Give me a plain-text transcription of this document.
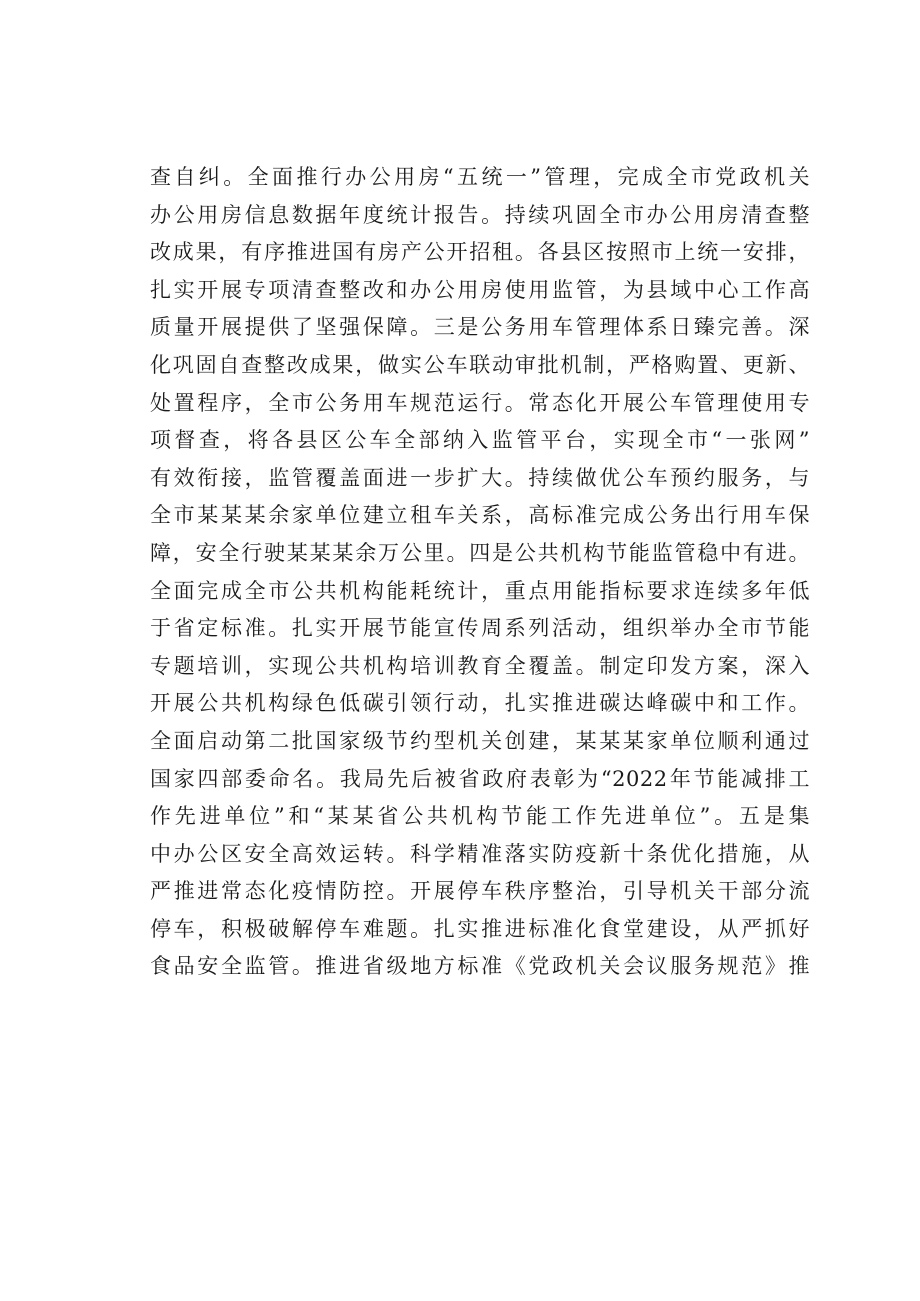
查自纠。全面推行办公用房“五统一”管理，完成全市党政机关
办公用房信息数据年度统计报告。持续巩固全市办公用房清查整
改成果，有序推进国有房产公开招租。各县区按照市上统一安排，
扎实开展专项清查整改和办公用房使用监管，为县域中心工作高
质量开展提供了坚强保障。三是公务用车管理体系日臻完善。深
化巩固自查整改成果，做实公车联动审批机制，严格购置、更新、
处置程序，全市公务用车规范运行。常态化开展公车管理使用专
项督查，将各县区公车全部纳入监管平台，实现全市“一张网”
有效衔接，监管覆盖面进一步扩大。持续做优公车预约服务，与
全市某某某余家单位建立租车关系，高标准完成公务出行用车保
障，安全行驶某某某余万公里。四是公共机构节能监管稳中有进。
全面完成全市公共机构能耗统计，重点用能指标要求连续多年低
于省定标准。扎实开展节能宣传周系列活动，组织举办全市节能
专题培训，实现公共机构培训教育全覆盖。制定印发方案，深入
开展公共机构绿色低碳引领行动，扎实推进碳达峰碳中和工作。
全面启动第二批国家级节约型机关创建，某某某家单位顺利通过
国家四部委命名。我局先后被省政府表彰为“2022年节能减排工
作先进单位”和“某某省公共机构节能工作先进单位”。五是集
中办公区安全高效运转。科学精准落实防疫新十条优化措施，从
严推进常态化疫情防控。开展停车秩序整治，引导机关干部分流
停车，积极破解停车难题。扎实推进标准化食堂建设，从严抓好
食品安全监管。推进省级地方标准《党政机关会议服务规范》推
